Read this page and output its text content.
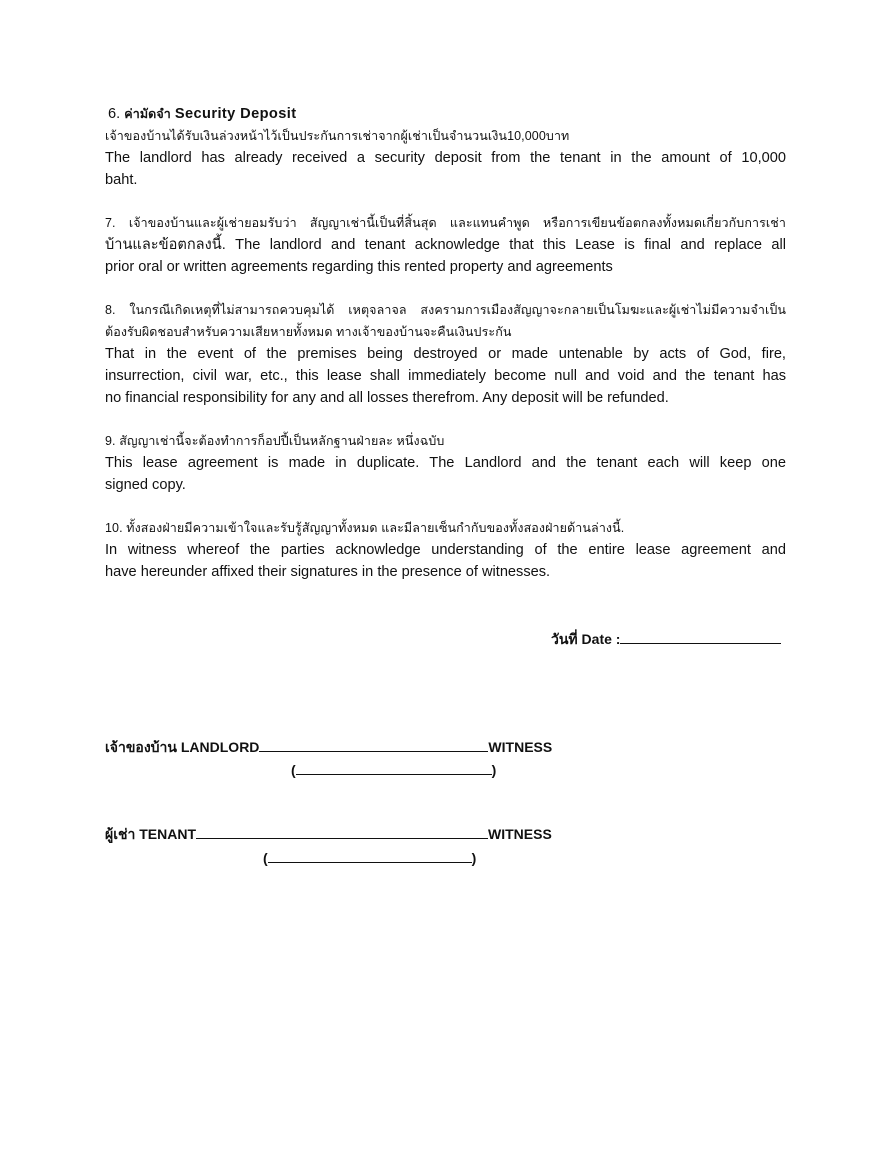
6. ค่ามัดจำ Security Deposit
เจ้าของบ้านได้รับเงินล่วงหน้าไว้เป็นประกันการเช่าจากผู้เช่าเป็นจำนวนเงิน10,000บาท
The landlord has already received a security deposit from the tenant in the amount of 10,000
baht.
7. เจ้าของบ้านและผู้เช่ายอมรับว่า สัญญาเช่านี้เป็นที่สิ้นสุด และแทนคำพูด หรือการเขียนข้อตกลงทั้งหมดเกี่ยวกับการเช่า
บ้านและข้อตกลงนี้. The landlord and tenant acknowledge that this Lease is final and replace all
prior oral or written agreements regarding this rented property and agreements
8. ในกรณีเกิดเหตุที่ไม่สามารถควบคุมได้ เหตุจลาจล สงครามการเมืองสัญญาจะกลายเป็นโมฆะและผู้เช่าไม่มีความจำเป็น
ต้องรับผิดชอบสำหรับความเสียหายทั้งหมด ทางเจ้าของบ้านจะคืนเงินประกัน
That in the event of the premises being destroyed or made untenable by acts of God, fire,
insurrection, civil war, etc., this lease shall immediately become null and void and the tenant has
no financial responsibility for any and all losses therefrom. Any deposit will be refunded.
9. สัญญาเช่านี้จะต้องทำการก็อปปี้เป็นหลักฐานฝ่ายละ หนึ่งฉบับ
This lease agreement is made in duplicate. The Landlord and the tenant each will keep one
signed copy.
10. ทั้งสองฝ่ายมีความเข้าใจและรับรู้สัญญาทั้งหมด และมีลายเซ็นกำกับของทั้งสองฝ่ายด้านล่างนี้.
In witness whereof the parties acknowledge understanding of the entire lease agreement and
have hereunder affixed their signatures in the presence of witnesses.
วันที่ Date :
เจ้าของบ้าน LANDLORD	WITNESS
(	)
ผู้เช่า TENANT	WITNESS
(	)
